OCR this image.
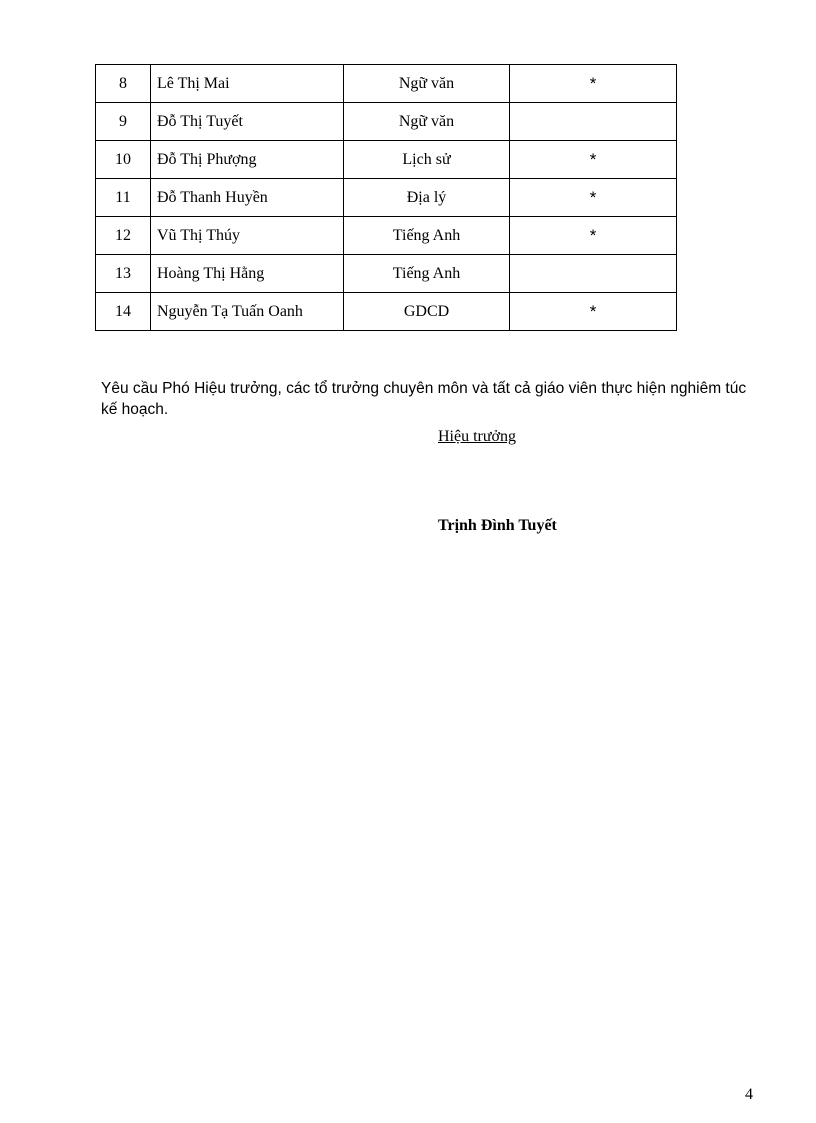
8	Lê Thị Mai	Ngữ văn	*
9	Đỗ Thị Tuyết	Ngữ văn	
10	Đỗ Thị Phượng	Lịch sử	*
11	Đỗ Thanh Huyền	Địa lý	*
12	Vũ Thị Thúy	Tiếng Anh	*
13	Hoàng Thị Hằng	Tiếng Anh	
14	Nguyễn Tạ Tuấn Oanh	GDCD	*

Yêu cầu Phó Hiệu trưởng, các tổ trưởng chuyên môn và tất cả giáo viên thực hiện nghiêm túc kế hoạch.

Hiệu trưởng

Trịnh Đình Tuyết

4
